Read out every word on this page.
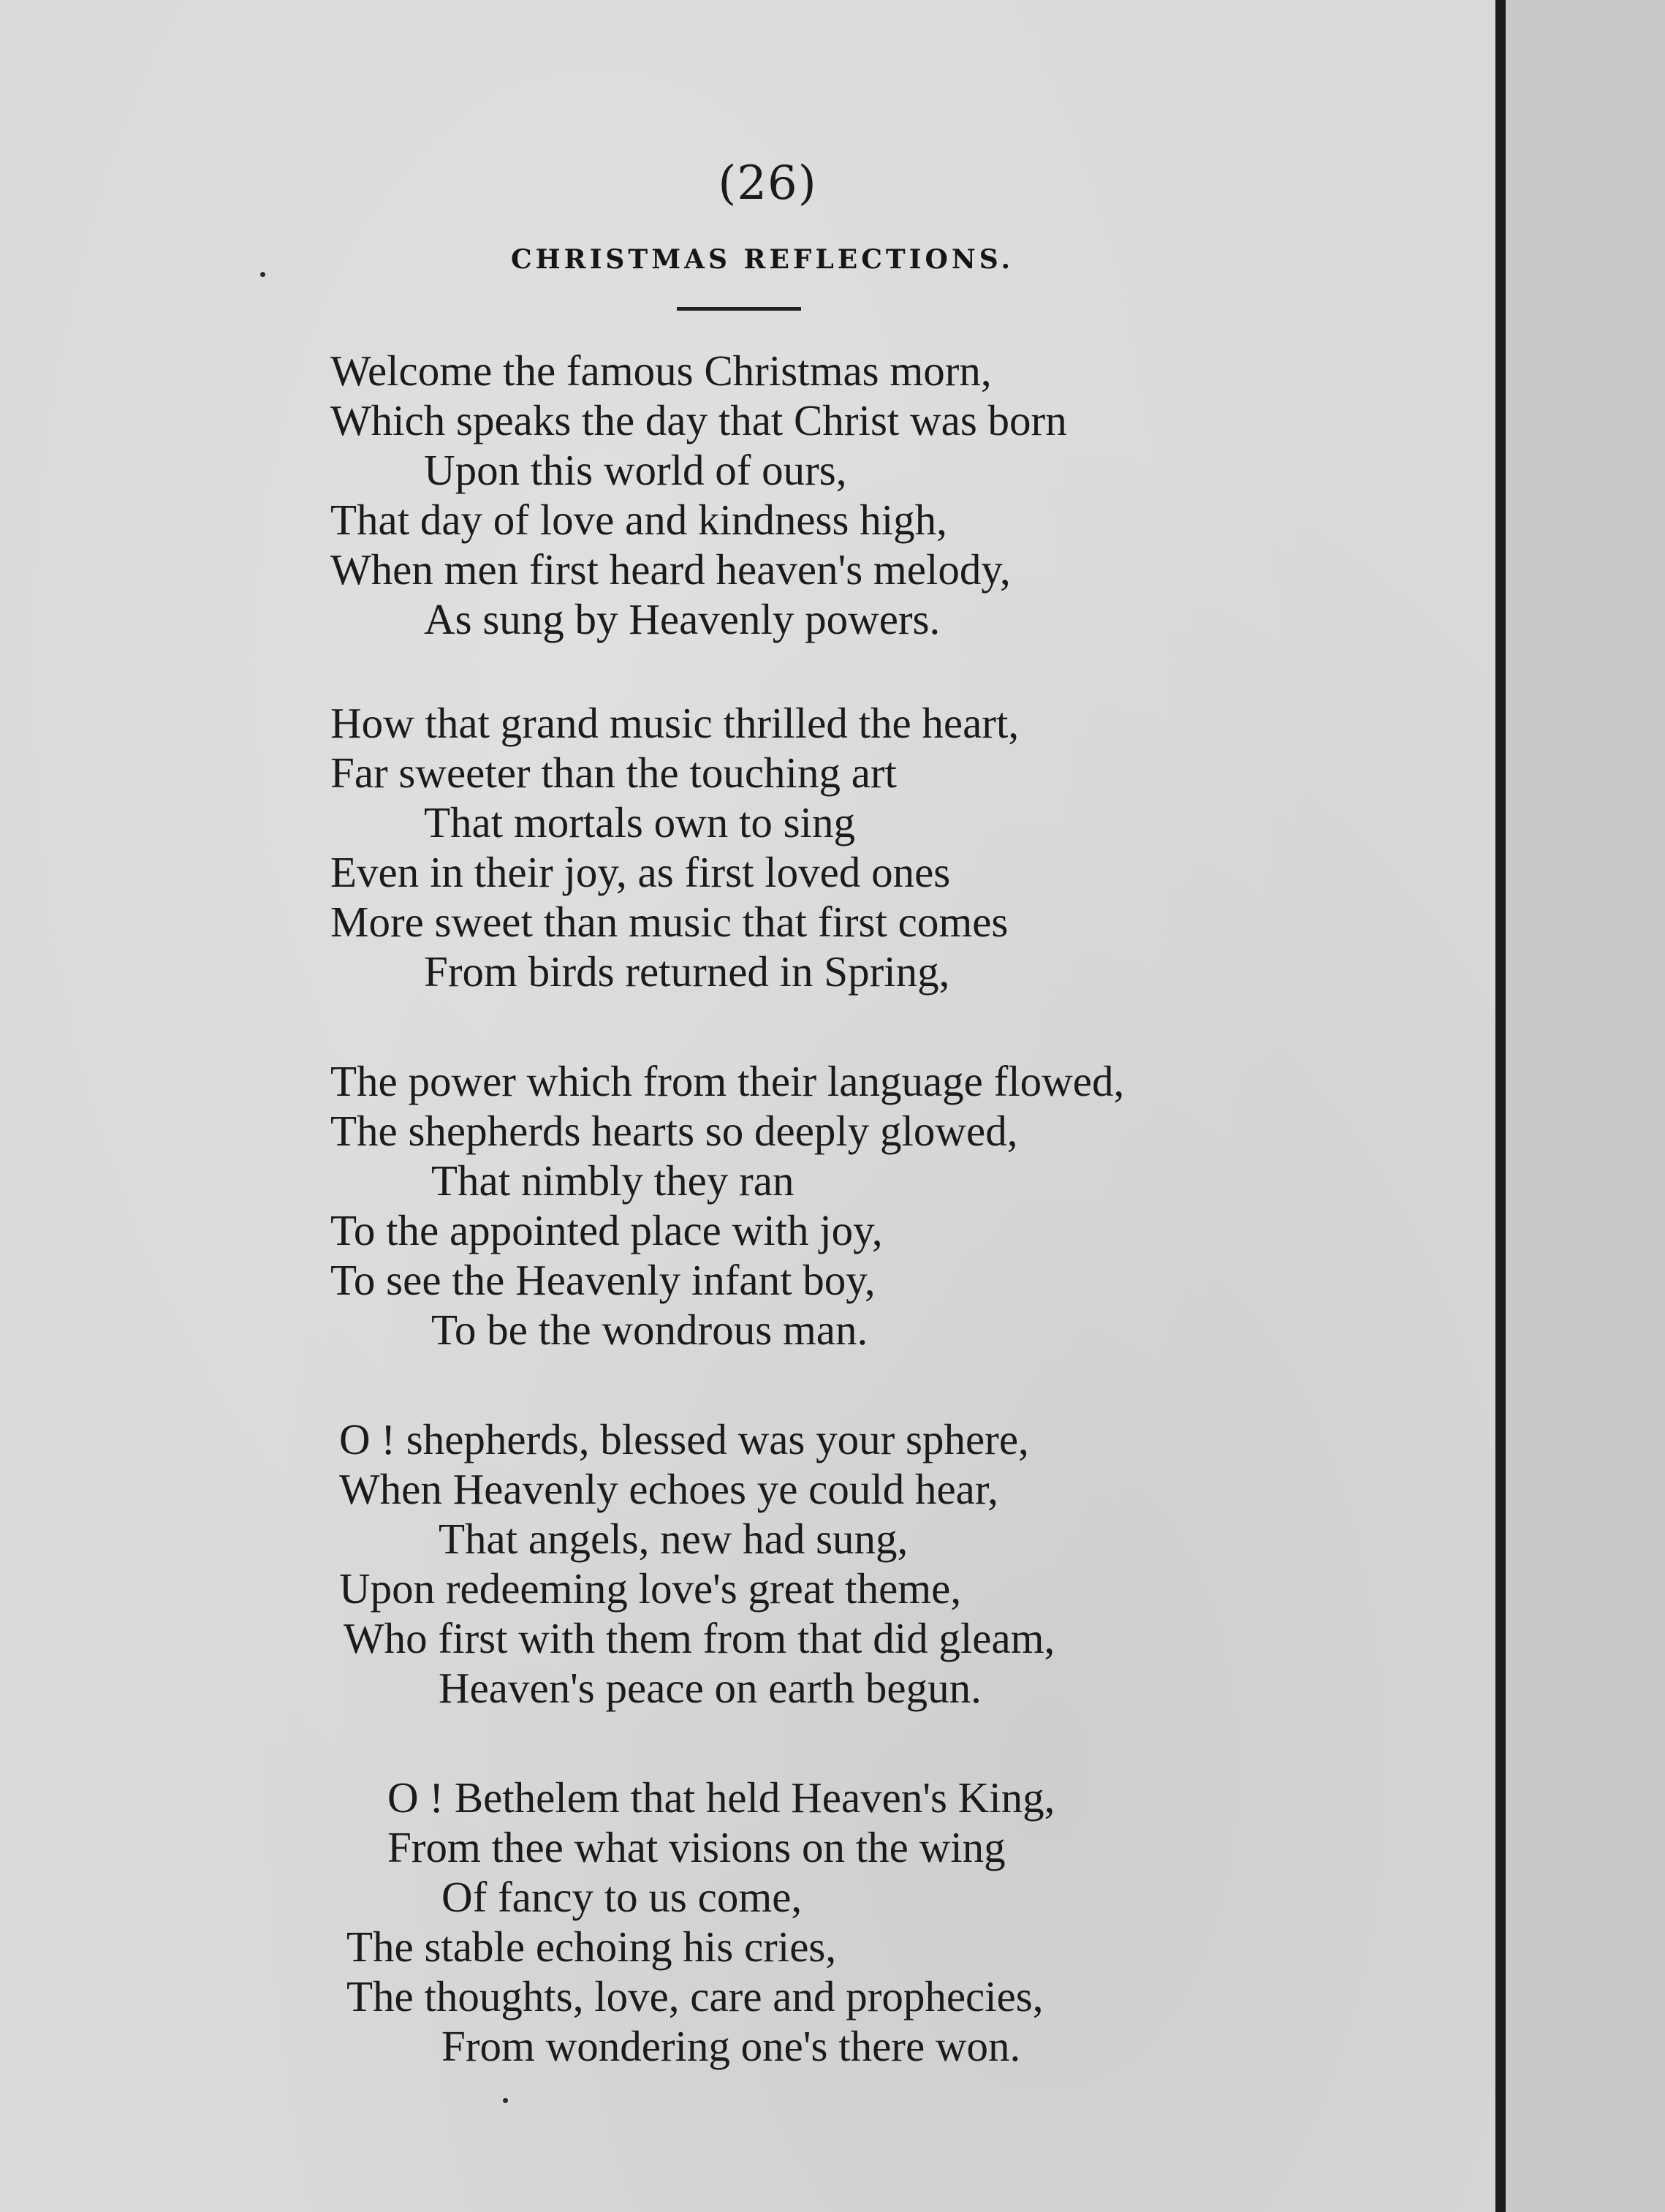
(26)
CHRISTMAS REFLECTIONS.
Welcome the famous Christmas morn,
Which speaks the day that Christ was born
Upon this world of ours,
That day of love and kindness high,
When men first heard heaven's melody,
As sung by Heavenly powers.
How that grand music thrilled the heart,
Far sweeter than the touching art
That mortals own to sing
Even in their joy, as first loved ones
More sweet than music that first comes
From birds returned in Spring,
The power which from their language flowed,
The shepherds hearts so deeply glowed,
That nimbly they ran
To the appointed place with joy,
To see the Heavenly infant boy,
To be the wondrous man.
O ! shepherds, blessed was your sphere,
When Heavenly echoes ye could hear,
That angels, new had sung,
Upon redeeming love's great theme,
Who first with them from that did gleam,
Heaven's peace on earth begun.
O ! Bethelem that held Heaven's King,
From thee what visions on the wing
Of fancy to us come,
The stable echoing his cries,
The thoughts, love, care and prophecies,
From wondering one's there won.
